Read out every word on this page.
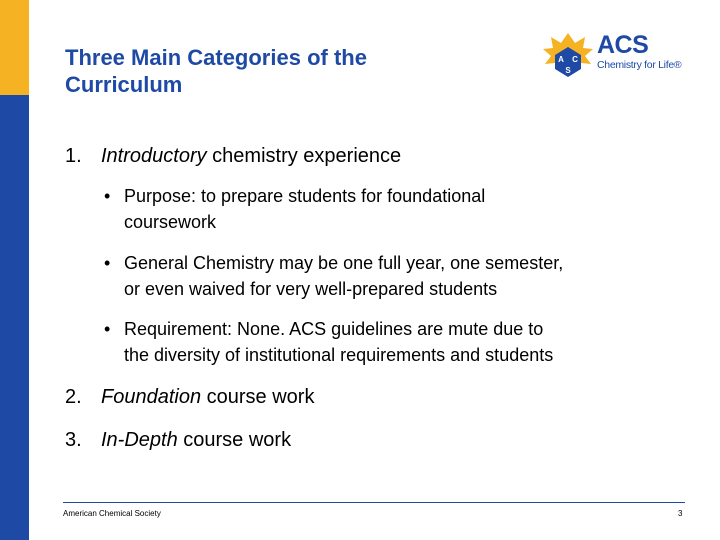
Three Main Categories of the
Curriculum
A C
S
ACS
Chemistry for Life®
1. Introductory chemistry experience
• Purpose: to prepare students for foundational
coursework
• General Chemistry may be one full year, one semester,
or even waived for very well-prepared students
• Requirement: None. ACS guidelines are mute due to
the diversity of institutional requirements and students
2. Foundation course work
3. In-Depth course work
American Chemical Society	3
